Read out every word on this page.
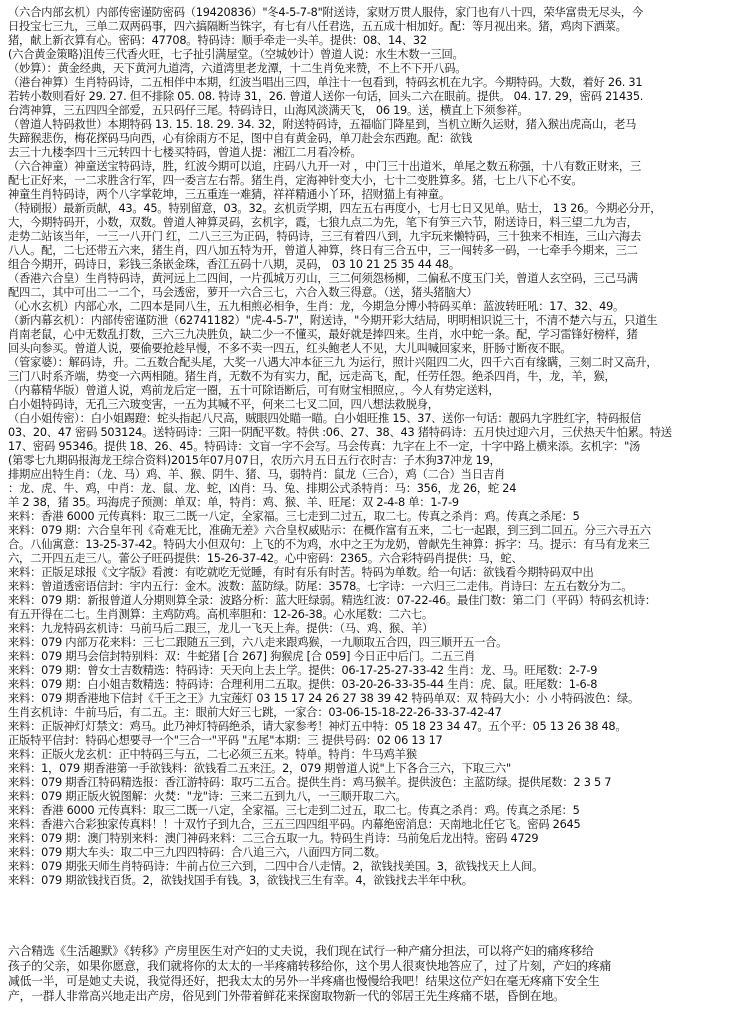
（六合内部玄机）内部传密谨防密码（19420836）"冬4-5-7-8"附送诗，家财万贯人服侍，家门也有八十四，荣华富贵无尽头，今

日投宝七三九，三单二双两码事，四六搞隔断当铢字，有七有八任君选，五五成十相加好。配：等月视出来。猪，鸡肉下酒菜。

猪，献上新衣算有心。密码：47708。特码诗：顺手牵走一头羊。提供：08、14、32

(六合黄金策略)沮传三代香火旺，七子扯引满屋堂。（空城妙计）曾道人说：水生木数一三回。

（妙算）：黄金经典，天下黄河九道湾，六道湾里老龙潭，十二生肖免来赞，不上不下开八码。

（港台神算）生肖特码诗，二五相伴中本期，红波当唱出三四，单注十一包看到，特码玄机在九字。今期特码。大数，着好 26. 31

若转小数则看好 29. 27. 但不排除 05. 08. 特诗 31，26. 曾道人送你一句话，回头二六在眼前。提供。 04. 17. 29，密码 21435.

台湾神算，三五四四全部爱，五只码仔三尾。特码诗日，山海风淡满天飞， 06 19。送，横直上下须参祥。

（曾道人特码救世）本期特码 13. 15. 18. 29. 34. 32，附送特码诗，五福临门降星到，当机立断久运财，猪入猴出虎高山，老马

失蹄猴悲伤，梅花探码马向西，心有徐雨方不足，图中自有黄金码，单刀赴会东西跑。配：欲钱

去三十九楼李四十三元转四十七楼买特码，曾道人提：湘江二月看冷桥。

（六合神童）神童送宝特码诗，胜，红波今期可以追，庄码八九开一对 ，中门三十出道米，单尾之数五称强，十八有数正财来，三

配七正好来，一二求胜含行军，四一委言左右帮。猪生肖，定海神针变大小，七十二变胜算多。猪，七上八下心不安。

神童生肖特码诗，两个八字掌乾坤，三五重连一难猜，祥祥精通小丫环，招财猫上有神童。

（特刷报）最新贡献，43。45。特别留意，03。32。玄机贡学期，四左五右再度小，七月七日又见单。贴士， 13 26。今期必分开，

大，今期特码开，小数，双数。曾道人神算灵码，玄机字，霞，七狼九点二为先，笔下有笋三六节，附送诗日，料三望二九为吉，

走势二站该当年，一三一八开门 红，二八三三为正码，特码诗，三三有着四八到，九宇玩来懒特码，三十独来不相连，三山六海去

八人。配，二七还带五六来，猪生肖，四八加五特为开，曾道人神算，终日有三合五中，三一闯转多一码，一七牵手今期来，三二

组合今期开，码诗日，彩钱三条嵌金珠，香江五码十八期，灵码， 03 10 21 25 35 44 48。

（香港六合皇）生肖特码诗，黄河远上二四间，一片孤城万刃山，三二何须怨杨柳，二偏私不度玉门关，曾道人玄空码，三己马满

配四二，其中可出二一二个，马会透密，萝开一六合三七，六合入数三得意。（送，猪头猪脑大）

（心水玄机）内部心水，二四本是同八生，五九相煎必相争，生肖：龙，今期急分博小特码买单：蓝波转旺吼：17、32、49。

（新内幕玄机）：内部传密谨防泄（62741182）"虎-4-5-7"，附送诗，"今期开彩大结局，明明相识说三十，不清不楚六与五，只道生

肖南老鼠，心中无数乱打数，三六三九决胜负，缺二少一不懂买，最好就是捧四来。生肖，水中蛇一条。配，学习雷锋好榜样，猪

回头向参买。曾道人说，要偷要抢趁早慢，不多不卖一四五，红头鲍老人不见，大儿叫喊回家来，肝肠寸断夜不眠。

（管家婆）：解码诗，升。二五数合配头尾，大奖一八遇大冲本征三九 为运行，照计兴阻四二火，四千六百有缘瞒，三刻二时又高升，

三门八时系齐端，势变一六两相随。猪生肖，无数不为有实力，配，远走高飞，配，任劳任怨。绝杀四肖，牛，龙，羊，猴，

（内幕精华版）曾道人说，鸡前龙后定一圈，五十可除语断后，可有财宝相照应，。今人有势定送料，

白小姐特码诗，无孔三六玻变害，一五为其喊不平，何来二七叉二回，四八想法救脱身，

（白小姐传密）：白小姐踢蹬：蛇头指起八尺高，贼眼四处瞄一瞄。白小姐旺推 15、37、送你一句话：靓码九字胜红字，特码报信

03、20、47 密码 503124。送特码诗：三阳一阴配平数。特供 :06、27、38、43 猪特码诗：五月快过迎六月，三伏热天牛怕累。特送

17、密码 95346。提供 18、26、45。特码诗：文盲一字不会写。马会传真：九字在上不一定，十字中路上横来添。玄机字："汤

(第零七九期码报海龙王综合资料)2015年07月07日，农历六月五日五行衣时吉：子木狗37冲龙 19，

排期应出特生肖：（龙、马）鸡、羊、猴、阴牛、猪、马，弱特肖：鼠龙（三合），鸡（二合）当日吉肖

：龙、虎、牛、鸡，中肖：龙、鼠、龙、蛇，凶肖：马、兔、排期公式杀特肖：马：356，龙 26，蛇 24

羊 2 38，猪 35。玛海虎子预测：单双：单，特肖：鸡、猴、羊、旺尾：双 2-4-8 单：1-7-9

来料：香港 6000 元传真料：取三二既一八定，全家福。三七走到二过五，取二七。传真之杀肖：鸡。传真之杀尾：5

来料：079 期：六合皇年刊《奇难无比，准确无差》六合皇权威贴示：在概作富有五来，二七一起跟，到三到二回五。分三六寻五六

合。八仙寓意：13-25-37-42。特码大小但双句：上飞的不为鸡，水中之王为龙奶，曾献先生神算：拆字：马。提示：有马有龙来三

六，二开四五走三八。蕾公子旺码提供：15-26-37-42。心中密码：2365。六合彩特码肖提供：马，蛇、

来料：正版足球报《文字版》看渡：有吃就吃无觉睡，有时有乐有时苦。特码为单数。给一句话：欲钱看今期特码双中出

来料：曾道透密语信封：宇内五行：金木。波数：蓝防绿。防尾：3578。七字诗：一六归三二走伟。肖诗曰：左五右数分为二。

来料：079 期：新报曾道人分期则算全录：波路分析：蓝大旺绿弱。精选红波：07-22-46。最佳门数：第二门（平码）特码玄机诗：

有五开得在二七。生肖测算：主鸡防鸡。高机率胆和：12-26-38。心水尾数：二六七。

来料：九龙特码玄机诗：马前马后二跟三，龙儿一飞天上奔。提供：（马、鸡、猴、羊）

来料：079 内部万花来料：三七二跟随五三到，六八走来跟鸡猴，一九顺取五合四，四三顺开五一合。

来料：079 期马会信封特别料：双：牛蛇猪 [合 267] 狗猴虎 [合 059] 今日正中后门。二五三肖

来料：079 期：曾女士吉数精选：特码诗：天天向上去上学。提供：06-17-25-27-33-42 生肖：龙、马。旺尾数：2-7-9

来料：079 期：白小姐吉数精选：特码诗：合理利用二五取。提供：03-20-26-33-35-44 生肖：虎、鼠。旺尾数：1-6-8

来料：079 期香港地下信封《千王之王》九宝莲灯 03 15 17 24 26 27 38 39 42 特码单双：双 特码大小：小 小特码波色：绿。

生肖玄机诗：牛前马后，有二五。主：眼前大好三七跳，一家合：03-06-15-18-22-26-33-37-42-47

来料：正版神灯灯禁文：鸡马。此乃神灯特码绝杀，请大家参考！神灯五中特：05 18 23 34 47。五个平：05 13 26 38 48。

正版特平信封：特码心想要寻一个"三合一"平码 "五尾"本期：三 提供号码：02 06 13 17

来料：正版火龙玄机：正中特码三与五，二七必须三五来。特单。特肖：牛马鸡羊猴

来料：1，079 期香港第一手欲钱料：欲钱看二五来汪。2，079 期曾道人说"上下各合三六，下取三六"

来料：079 期香江特码精选报：香江游特码：取巧二五合。提供生肖：鸡马猴羊。提供波色：主蓝防绿。提供尾数：2 3 5 7

来料：079 期正版火锐图解：火焚："龙"诗：三来二五到九八，一三顺开取二六。

来料：香港 6000 元传真料：取三二既一八定，全家福。三七走到二过五，取二七。传真之杀肖：鸡。传真之杀尾：5

来料：香港六合彩独家传真料！！十双竹子到九合，三五三四四组平码。内幕绝密消息：天南地北任它飞。密码 2645

来料：079 期：澳门特别来料：澳门神码来料：二三合五取一九。特码生肖诗：马前兔后龙出特。密码 4729

来料：079 期大车头：取二中三九四四特码：合八追三六，八面四方同二数。

来料：079 期张天师生肖特码诗：牛前占位三六到，二四中合八走情。2，欲钱找美国。3，欲钱找天上人间。

来料：079 期欲钱找百货。2，欲钱找国手有钱。3，欲钱找三生有幸。4，欲钱找去半年中秋。

六合精选《生活趣默》《转移》产房里医生对产妇的丈夫说，我们现在试行一种产痛分担法，可以将产妇的痛疼移给

孩子的父亲，如果你愿意，我们就将你的太太的一半疼痛转移给你，这个男人很爽快地答应了，过了片刻，产妇的疼痛

减低一半，可是她丈夫说，我觉得还好，把我太太的另外一半疼痛也慢慢给我吧！结果这位产妇在毫无疼痛下安全生

产，一群人非常高兴地走出产房，俗见到门外带着鲜花来探窗取物新一代的邻居王先生疼痛不堪，昏倒在地。
